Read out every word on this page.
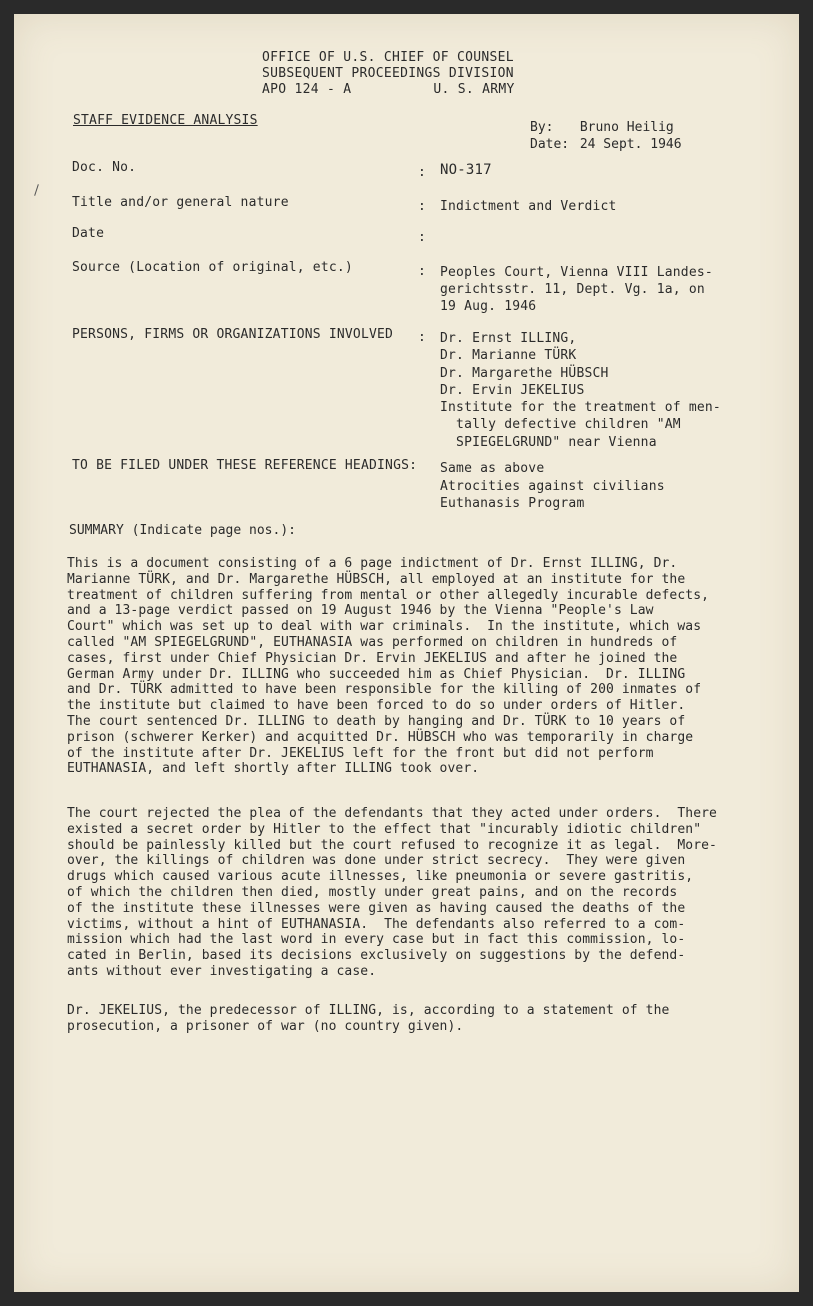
OFFICE OF U.S. CHIEF OF COUNSEL
SUBSEQUENT PROCEEDINGS DIVISION
APO 124 - A	U. S. ARMY
STAFF EVIDENCE ANALYSIS	By: Bruno Heilig
Date: 24 Sept. 1946
Doc. No.	: NO-317
Title and/or general nature	: Indictment and Verdict
Date	:
Source (Location of original, etc.)	: Peoples Court, Vienna VIII Landes-
gerichtsstr. 11, Dept. Vg. 1a, on
19 Aug. 1946
PERSONS, FIRMS OR ORGANIZATIONS INVOLVED : Dr. Ernst ILLING,
Dr. Marianne TÜRK
Dr. Margarethe HÜBSCH
Dr. Ervin JEKELIUS
Institute for the treatment of men-
tally defective children "AM
SPIEGELGRUND" near Vienna
TO BE FILED UNDER THESE REFERENCE HEADINGS: Same as above
Atrocities against civilians
Euthanasis Program
SUMMARY (Indicate page nos.):
This is a document consisting of a 6 page indictment of Dr. Ernst ILLING, Dr.
Marianne TÜRK, and Dr. Margarethe HÜBSCH, all employed at an institute for the
treatment of children suffering from mental or other allegedly incurable defects,
and a 13-page verdict passed on 19 August 1946 by the Vienna "People's Law
Court" which was set up to deal with war criminals.  In the institute, which was
called "AM SPIEGELGRUND", EUTHANASIA was performed on children in hundreds of
cases, first under Chief Physician Dr. Ervin JEKELIUS and after he joined the
German Army under Dr. ILLING who succeeded him as Chief Physician.  Dr. ILLING
and Dr. TÜRK admitted to have been responsible for the killing of 200 inmates of
the institute but claimed to have been forced to do so under orders of Hitler.
The court sentenced Dr. ILLING to death by hanging and Dr. TÜRK to 10 years of
prison (schwerer Kerker) and acquitted Dr. HÜBSCH who was temporarily in charge
of the institute after Dr. JEKELIUS left for the front but did not perform
EUTHANASIA, and left shortly after ILLING took over.
The court rejected the plea of the defendants that they acted under orders.  There
existed a secret order by Hitler to the effect that "incurably idiotic children"
should be painlessly killed but the court refused to recognize it as legal.  More-
over, the killings of children was done under strict secrecy.  They were given
drugs which caused various acute illnesses, like pneumonia or severe gastritis,
of which the children then died, mostly under great pains, and on the records
of the institute these illnesses were given as having caused the deaths of the
victims, without a hint of EUTHANASIA.  The defendants also referred to a com-
mission which had the last word in every case but in fact this commission, lo-
cated in Berlin, based its decisions exclusively on suggestions by the defend-
ants without ever investigating a case.
Dr. JEKELIUS, the predecessor of ILLING, is, according to a statement of the
prosecution, a prisoner of war (no country given).
